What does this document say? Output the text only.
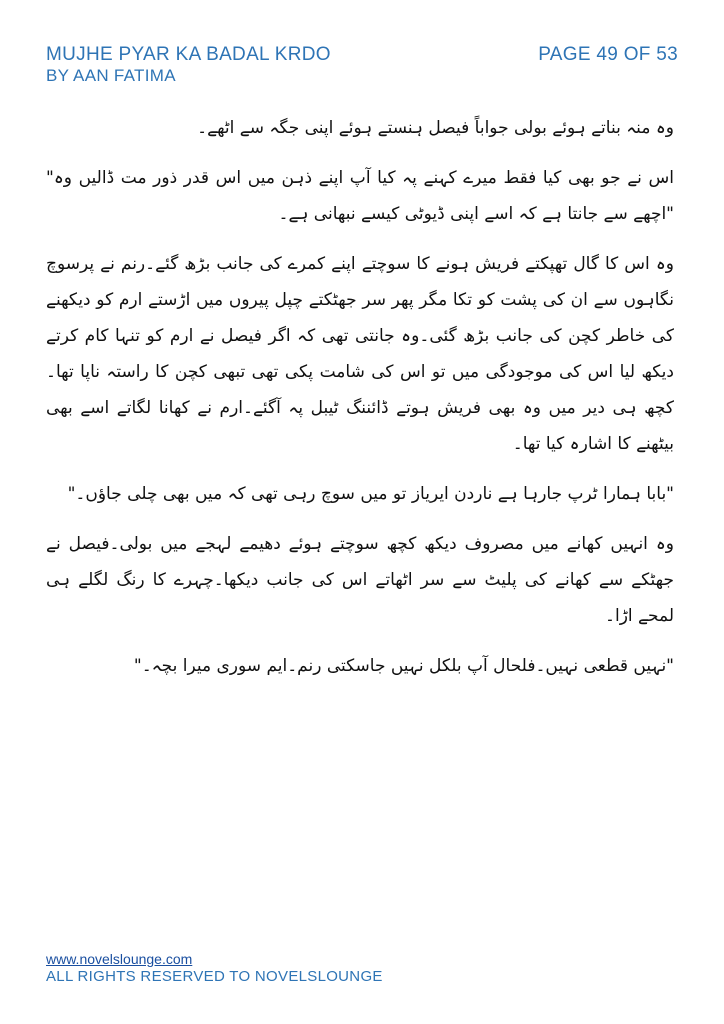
MUJHE PYAR KA BADAL KRDO
BY AAN FATIMA
PAGE 49 OF 53

وہ منہ بناتے ہوئے بولی جواباً فیصل ہنستے ہوئے اپنی جگہ سے اٹھے۔

اس نے جو بھی کیا فقط میرے کہنے پہ کیا آپ اپنے ذہن میں اس قدر ذور مت ڈالیں وہ" "اچھے سے جانتا ہے کہ اسے اپنی ڈیوٹی کیسے نبھانی ہے۔

وہ اس کا گال تھپکتے فریش ہونے کا سوچتے اپنے کمرے کی جانب بڑھ گئے۔رنم نے پرسوچ نگاہوں سے ان کی پشت کو تکا مگر پھر سر جھٹکتے چپل پیروں میں اڑستے ارم کو دیکھنے کی خاطر کچن کی جانب بڑھ گئی۔وہ جانتی تھی کہ اگر فیصل نے ارم کو تنہا کام کرتے دیکھ لیا اس کی موجودگی میں تو اس کی شامت پکی تھی تبھی کچن کا راستہ ناپا تھا۔کچھ ہی دیر میں وہ بھی فریش ہوتے ڈائننگ ٹیبل پہ آگئے۔ارم نے کھانا لگاتے اسے بھی بیٹھنے کا اشارہ کیا تھا۔

"بابا ہمارا ٹرپ جارہا ہے ناردن ایریاز تو میں سوچ رہی تھی کہ میں بھی چلی جاؤں۔"

وہ انہیں کھانے میں مصروف دیکھ کچھ سوچتے ہوئے دھیمے لہجے میں بولی۔فیصل نے جھٹکے سے کھانے کی پلیٹ سے سر اٹھاتے اس کی جانب دیکھا۔چہرے کا رنگ لگلے ہی لمحے اڑا۔

"نہیں قطعی نہیں۔فلحال آپ بلکل نہیں جاسکتی رنم۔ایم سوری میرا بچہ۔"

www.novelslounge.com
ALL RIGHTS RESERVED TO NOVELSLOUNGE
